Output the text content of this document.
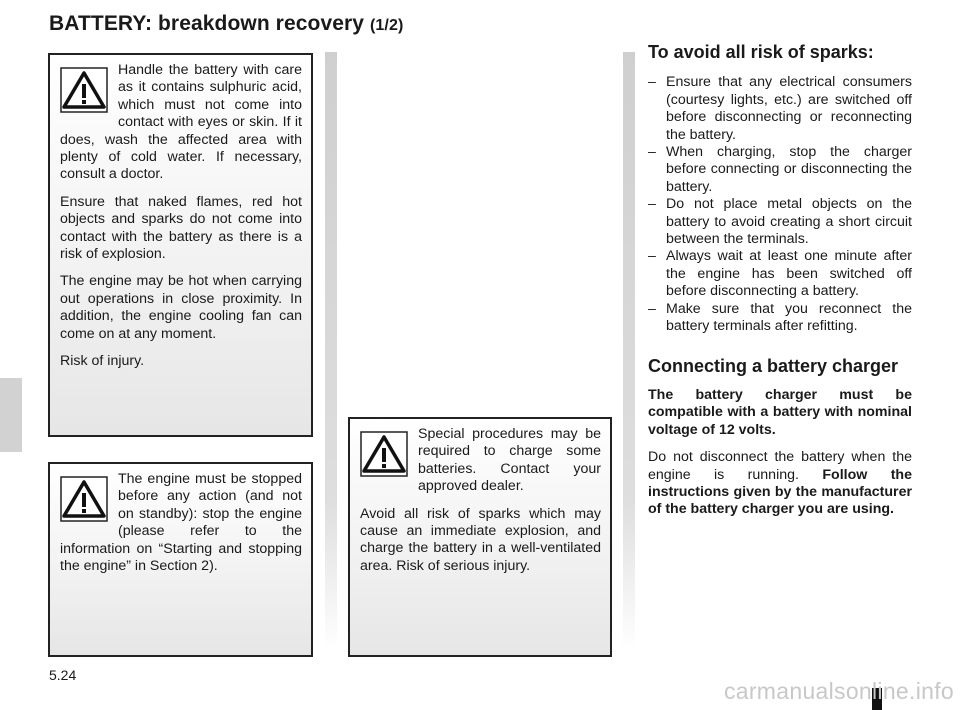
BATTERY: breakdown recovery (1/2)

Handle the battery with care as it contains sulphuric acid, which must not come into contact with eyes or skin. If it does, wash the affected area with plenty of cold water. If necessary, consult a doctor.

Ensure that naked flames, red hot objects and sparks do not come into contact with the battery as there is a risk of explosion.

The engine may be hot when carrying out operations in close proximity. In addition, the engine cooling fan can come on at any moment.

Risk of injury.

The engine must be stopped before any action (and not on standby): stop the engine (please refer to the information on “Starting and stopping the engine” in Section 2).

Special procedures may be required to charge some batteries. Contact your approved dealer.

Avoid all risk of sparks which may cause an immediate explosion, and charge the battery in a well-ventilated area. Risk of serious injury.

To avoid all risk of sparks:
– Ensure that any electrical consumers (courtesy lights, etc.) are switched off before disconnecting or reconnecting the battery.
– When charging, stop the charger before connecting or disconnecting the battery.
– Do not place metal objects on the battery to avoid creating a short circuit between the terminals.
– Always wait at least one minute after the engine has been switched off before disconnecting a battery.
– Make sure that you reconnect the battery terminals after refitting.
Connecting a battery charger

The battery charger must be compatible with a battery with nominal voltage of 12 volts.

Do not disconnect the battery when the engine is running. Follow the instructions given by the manufacturer of the battery charger you are using.

5.24
carmanualsonline.info
